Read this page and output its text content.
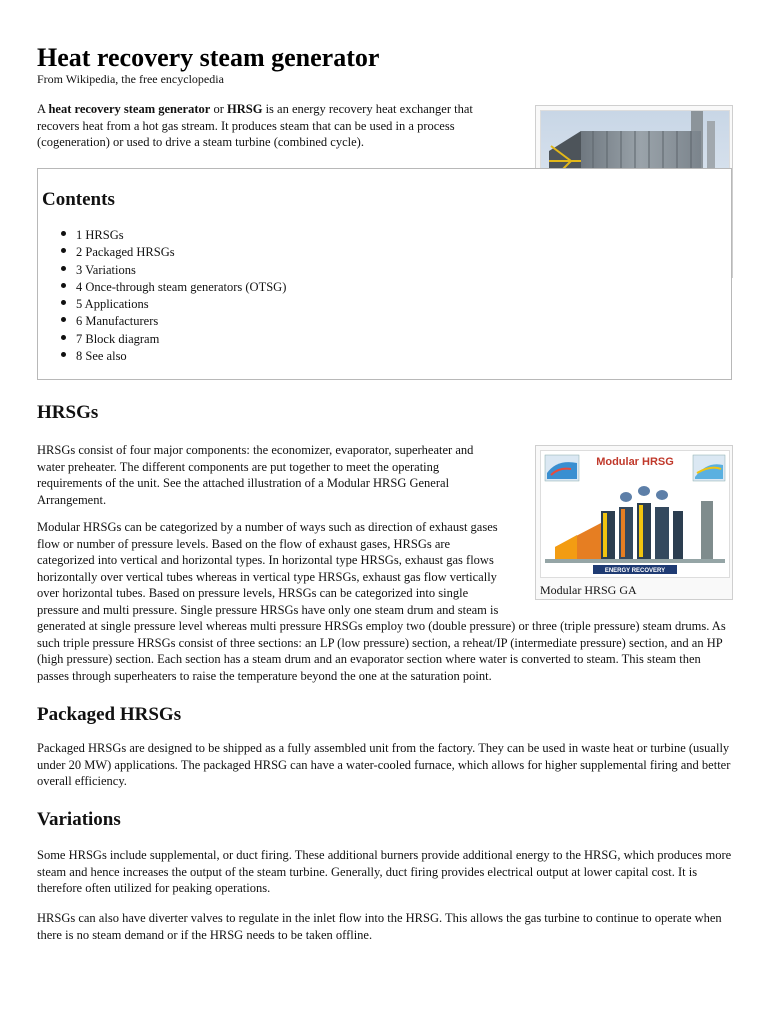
Heat recovery steam generator
From Wikipedia, the free encyclopedia

A heat recovery steam generator or HRSG is an energy recovery heat exchanger that recovers heat from a hot gas stream. It produces steam that can be used in a process (cogeneration) or used to drive a steam turbine (combined cycle).

Contents
1 HRSGs
2 Packaged HRSGs
3 Variations
4 Once-through steam generators (OTSG)
5 Applications
6 Manufacturers
7 Block diagram
8 See also
HRSGs

HRSGs consist of four major components: the economizer, evaporator, superheater and water preheater. The different components are put together to meet the operating requirements of the unit. See the attached illustration of a Modular HRSG General Arrangement.

Modular HRSG
ENERGY RECOVERY
Modular HRSG GA

Modular HRSGs can be categorized by a number of ways such as direction of exhaust gases
flow or number of pressure levels. Based on the flow of exhaust gases, HRSGs are
categorized into vertical and horizontal types. In horizontal type HRSGs, exhaust gas flows
horizontally over vertical tubes whereas in vertical type HRSGs, exhaust gas flow vertically
over horizontal tubes. Based on pressure levels, HRSGs can be categorized into single
pressure and multi pressure. Single pressure HRSGs have only one steam drum and steam is

generated at single pressure level whereas multi pressure HRSGs employ two (double pressure) or three (triple pressure) steam drums. As such triple pressure HRSGs consist of three sections: an LP (low pressure) section, a reheat/IP (intermediate pressure) section, and an HP (high pressure) section. Each section has a steam drum and an evaporator section where water is converted to steam. This steam then passes through superheaters to raise the temperature beyond the one at the saturation point.

Packaged HRSGs

Packaged HRSGs are designed to be shipped as a fully assembled unit from the factory. They can be used in waste heat or turbine (usually under 20 MW) applications. The packaged HRSG can have a water-cooled furnace, which allows for higher supplemental firing and better overall efficiency.

Variations

Some HRSGs include supplemental, or duct firing. These additional burners provide additional energy to the HRSG, which produces more steam and hence increases the output of the steam turbine. Generally, duct firing provides electrical output at lower capital cost. It is therefore often utilized for peaking operations.

HRSGs can also have diverter valves to regulate in the inlet flow into the HRSG. This allows the gas turbine to continue to operate when there is no steam demand or if the HRSG needs to be taken offline.
